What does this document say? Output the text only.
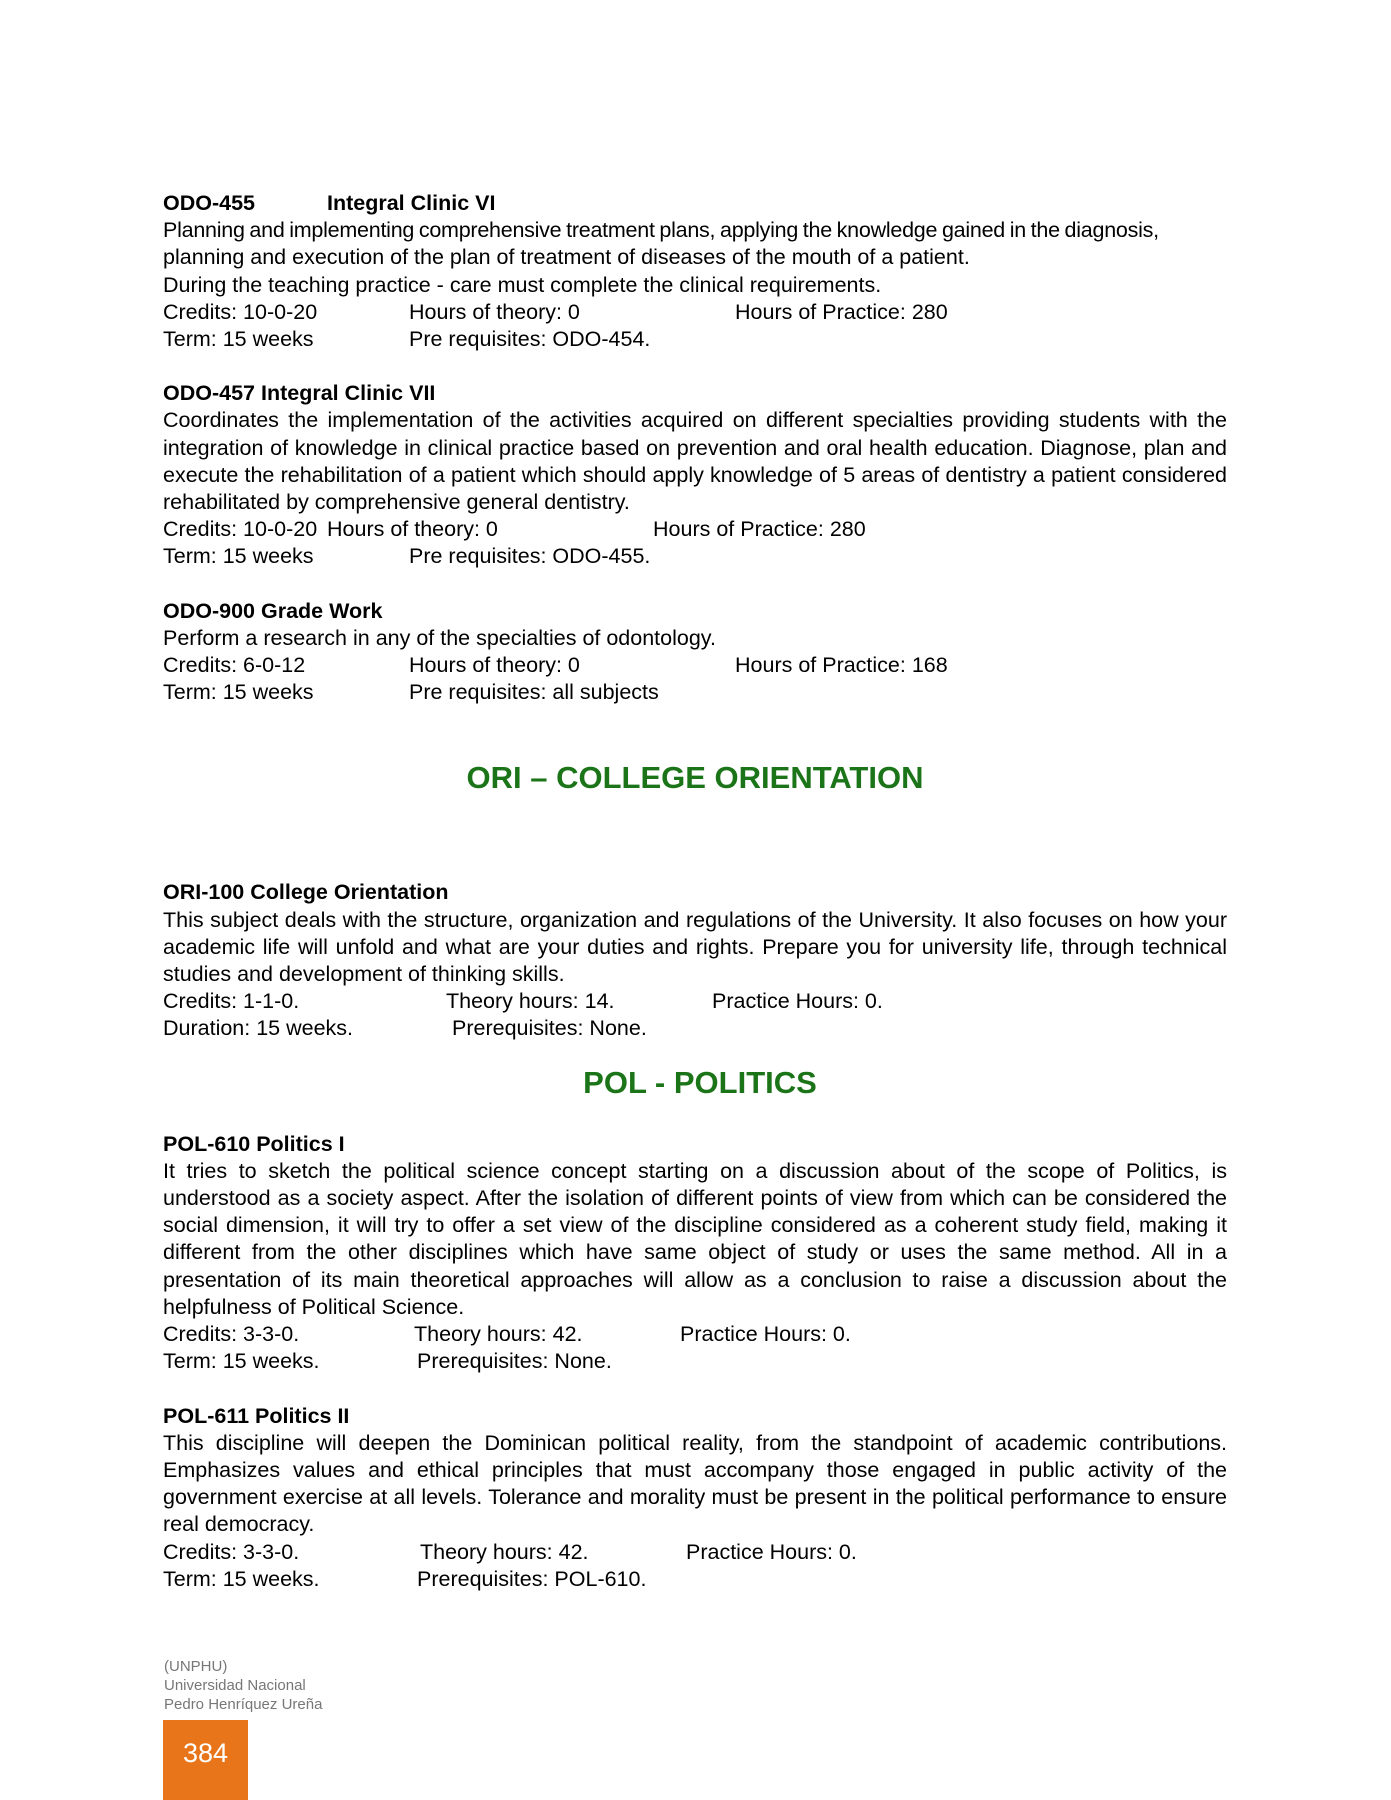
ODO-455	Integral Clinic VI
Planning and implementing comprehensive treatment plans, applying the knowledge gained in the diagnosis,
planning and execution of the plan of treatment of diseases of the mouth of a patient.
During the teaching practice - care must complete the clinical requirements.
Credits: 10-0-20	Hours of theory: 0	Hours of Practice: 280
Term: 15 weeks	Pre requisites: ODO-454.
ODO-457 Integral Clinic VII
Coordinates the implementation of the activities acquired on different specialties providing students with the integration of knowledge in clinical practice based on prevention and oral health education. Diagnose, plan and execute the rehabilitation of a patient which should apply knowledge of 5 areas of dentistry a patient considered rehabilitated by comprehensive general dentistry.
Credits: 10-0-20 Hours of theory: 0	Hours of Practice: 280
Term: 15 weeks	Pre requisites: ODO-455.
ODO-900 Grade Work
Perform a research in any of the specialties of odontology.
Credits: 6-0-12	Hours of theory: 0	Hours of Practice: 168
Term: 15 weeks	Pre requisites: all subjects
ORI – COLLEGE ORIENTATION
ORI-100 College Orientation
This subject deals with the structure, organization and regulations of the University. It also focuses on how your academic life will unfold and what are your duties and rights. Prepare you for university life, through technical studies and development of thinking skills.
Credits: 1-1-0.	Theory hours: 14.	Practice Hours: 0.
Duration: 15 weeks.	Prerequisites: None.
POL - POLITICS
POL-610 Politics I
It tries to sketch the political science concept starting on a discussion about of the scope of Politics, is understood as a society aspect. After the isolation of different points of view from which can be considered the social dimension, it will try to offer a set view of the discipline considered as a coherent study field, making it different from the other disciplines which have same object of study or uses the same method. All in a presentation of its main theoretical approaches will allow as a conclusion to raise a discussion about the helpfulness of Political Science.
Credits: 3-3-0.	Theory hours: 42.	Practice Hours: 0.
Term: 15 weeks.	Prerequisites: None.
POL-611 Politics II
This discipline will deepen the Dominican political reality, from the standpoint of academic contributions. Emphasizes values and ethical principles that must accompany those engaged in public activity of the government exercise at all levels. Tolerance and morality must be present in the political performance to ensure real democracy.
Credits: 3-3-0.	Theory hours: 42.	Practice Hours: 0.
Term: 15 weeks.	Prerequisites: POL-610.
(UNPHU)
Universidad Nacional
Pedro Henríquez Ureña
384
